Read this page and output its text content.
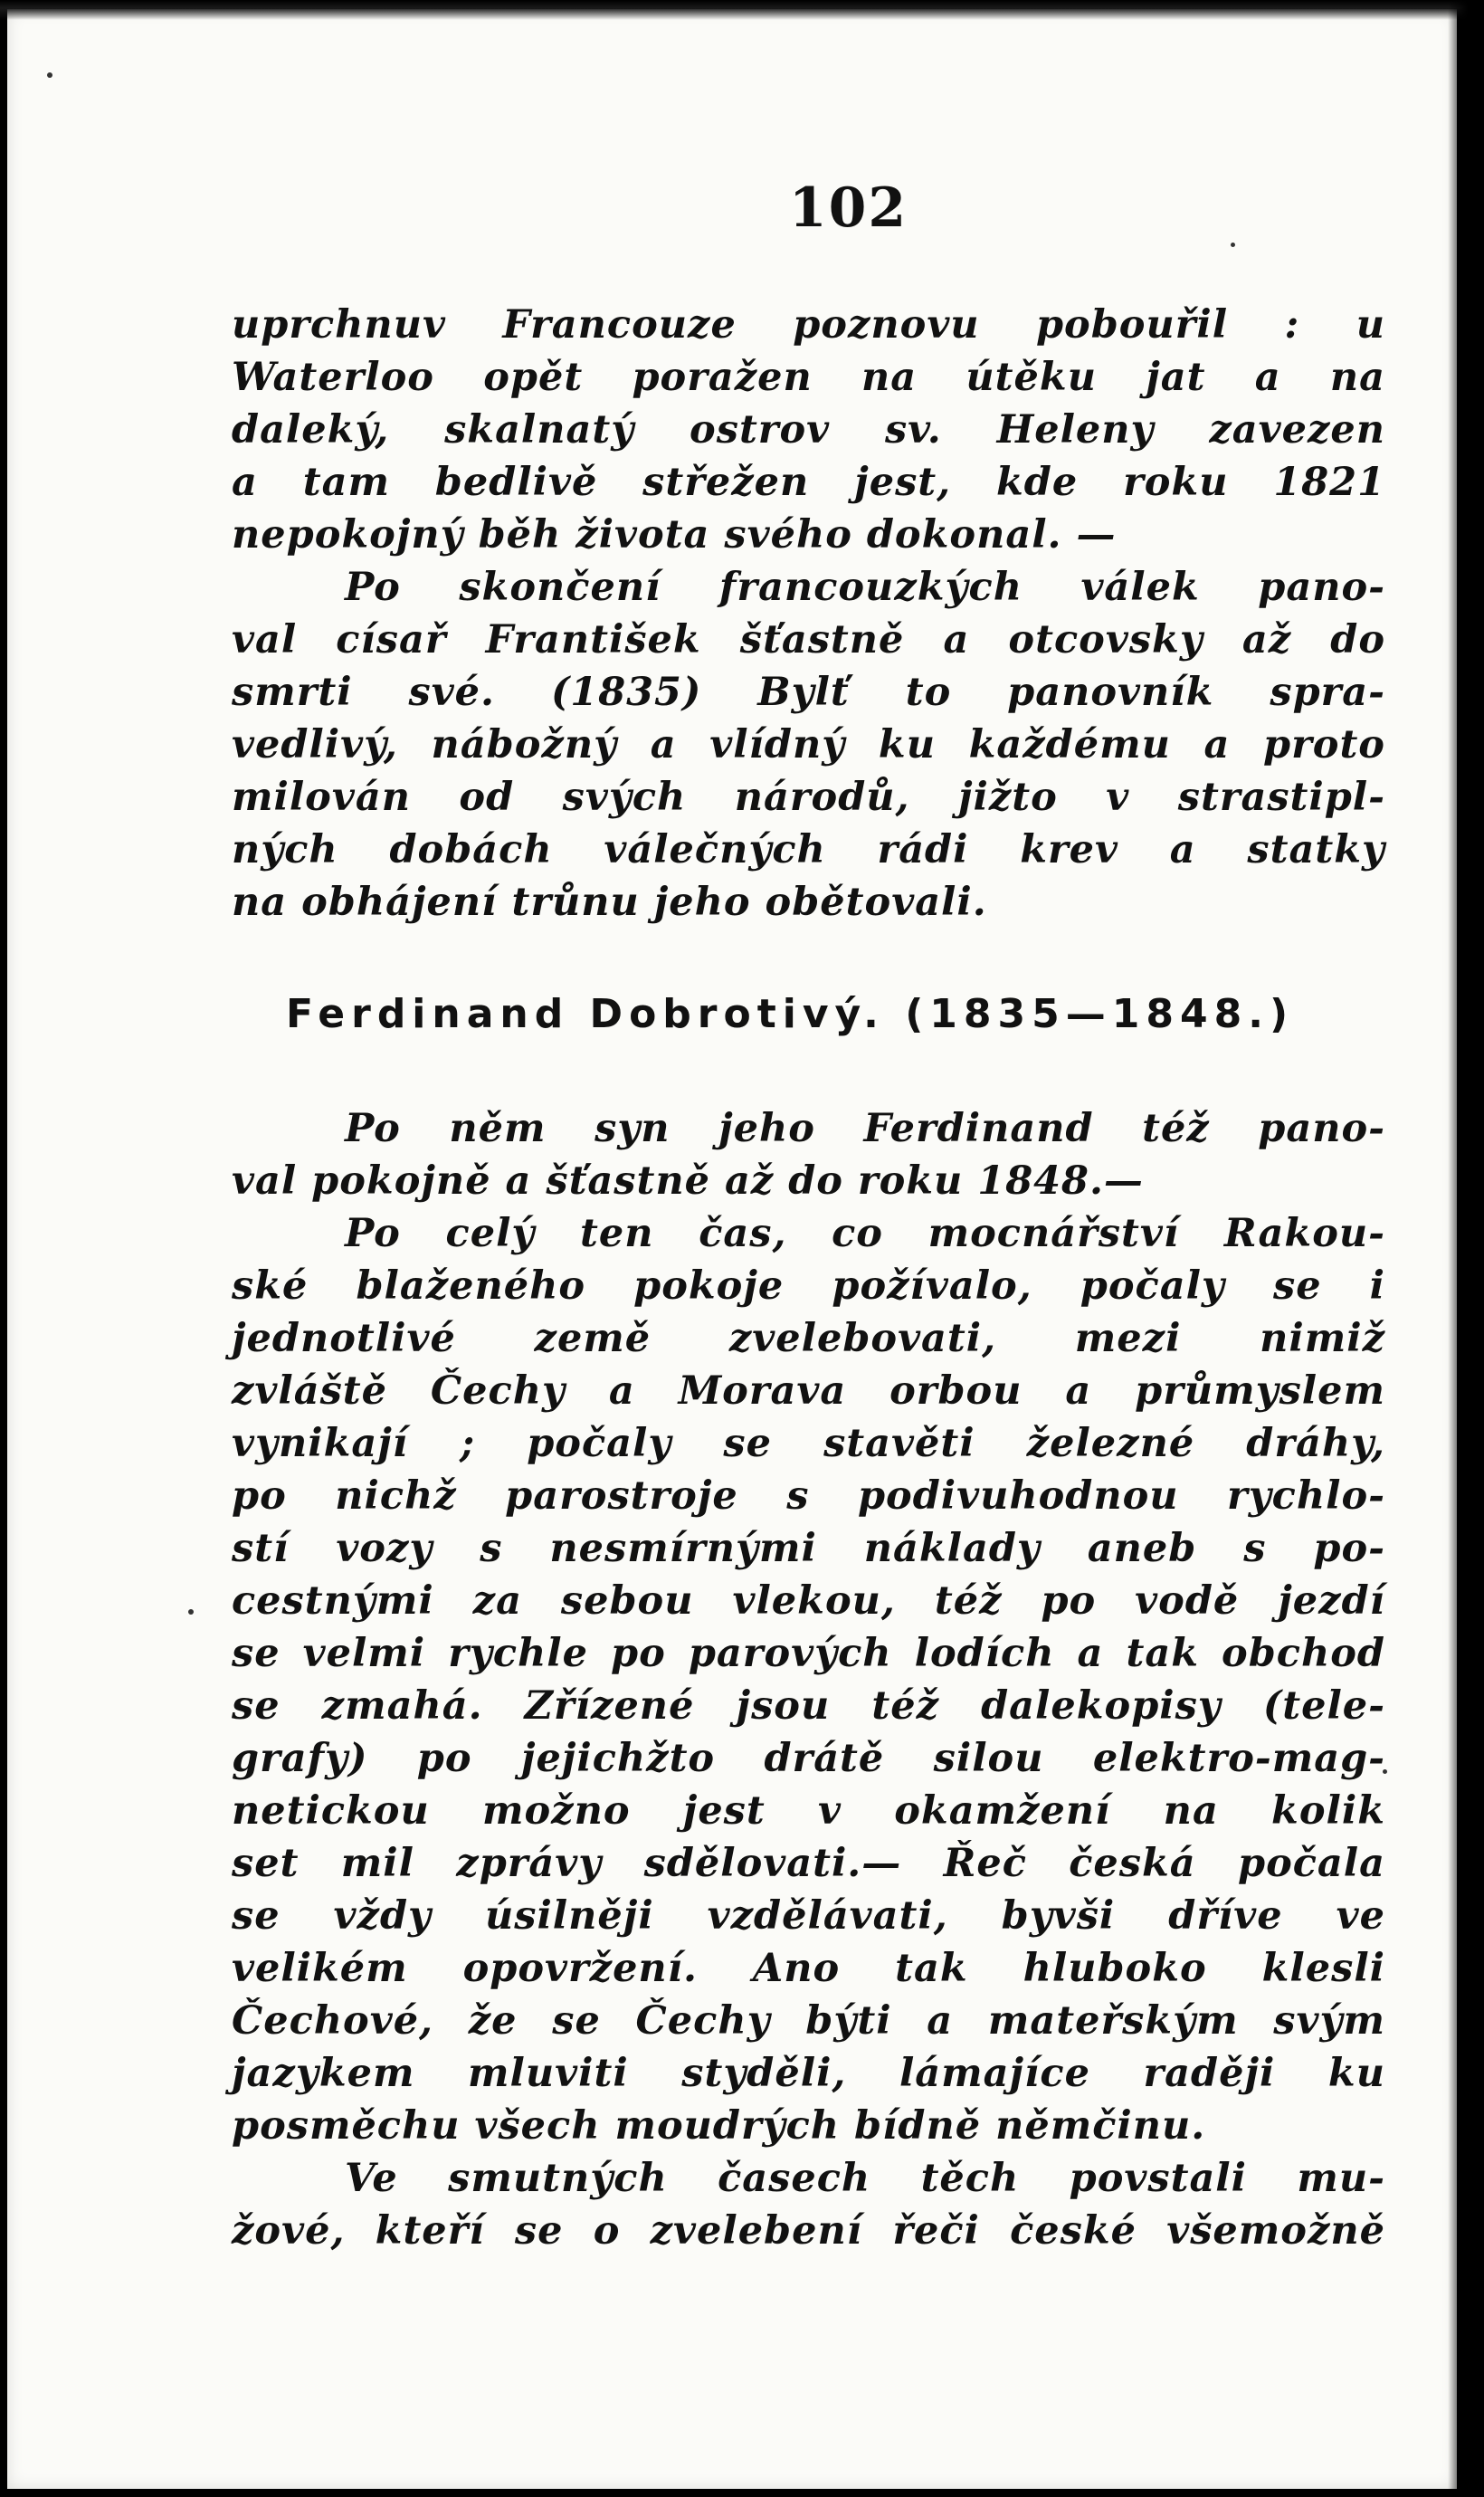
102
uprchnuv Francouze poznovu pobouřil : u
Waterloo opět poražen na útěku jat a na
daleký, skalnatý ostrov sv. Heleny zavezen
a tam bedlivě střežen jest, kde roku 1821
nepokojný běh života svého dokonal. —
Po skončení francouzkých válek pano-
val císař František šťastně a otcovsky až do
smrti své. (1835) Bylť to panovník spra-
vedlivý, nábožný a vlídný ku každému a proto
milován od svých národů, jižto v strastipl-
ných dobách válečných rádi krev a statky
na obhájení trůnu jeho obětovali.
Ferdinand Dobrotivý. (1835—1848.)
Po něm syn jeho Ferdinand též pano-
val pokojně a šťastně až do roku 1848.—
Po celý ten čas, co mocnářství Rakou-
ské blaženého pokoje požívalo, počaly se i
jednotlivé země zvelebovati, mezi nimiž
zvláště Čechy a Morava orbou a průmyslem
vynikají ; počaly se stavěti železné dráhy,
po nichž parostroje s podivuhodnou rychlo-
stí vozy s nesmírnými náklady aneb s po-
cestnými za sebou vlekou, též po vodě jezdí
se velmi rychle po parových lodích a tak obchod
se zmahá. Zřízené jsou též dalekopisy (tele-
grafy) po jejichžto drátě silou elektro-mag-
netickou možno jest v okamžení na kolik
set mil zprávy sdělovati.— Řeč česká počala
se vždy úsilněji vzdělávati, byvši dříve ve
velikém opovržení. Ano tak hluboko klesli
Čechové, že se Čechy býti a mateřským svým
jazykem mluviti styděli, lámajíce raději ku
posměchu všech moudrých bídně němčinu.
Ve smutných časech těch povstali mu-
žové, kteří se o zvelebení řeči české všemožně
